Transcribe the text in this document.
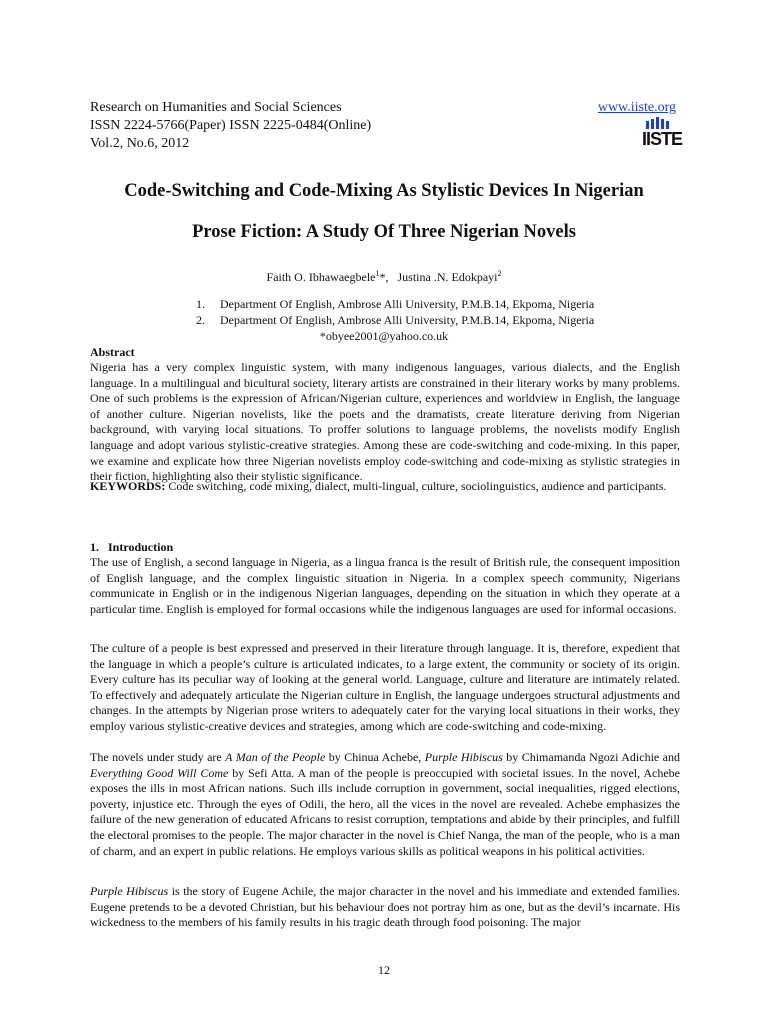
Research on Humanities and Social Sciences
ISSN 2224-5766(Paper) ISSN 2225-0484(Online)
Vol.2, No.6, 2012
www.iiste.org
IISTE
Code-Switching and Code-Mixing As Stylistic Devices In Nigerian
Prose Fiction: A Study Of Three Nigerian Novels
Faith O. Ibhawaegbele$^1$*, Justina .N. Edokpayi$^2$
1. Department Of English, Ambrose Alli University, P.M.B.14, Ekpoma, Nigeria
2. Department Of English, Ambrose Alli University, P.M.B.14, Ekpoma, Nigeria
*obyee2001@yahoo.co.uk
Abstract
Nigeria has a very complex linguistic system, with many indigenous languages, various dialects, and the English language. In a multilingual and bicultural society, literary artists are constrained in their literary works by many problems. One of such problems is the expression of African/Nigerian culture, experiences and worldview in English, the language of another culture. Nigerian novelists, like the poets and the dramatists, create literature deriving from Nigerian background, with varying local situations. To proffer solutions to language problems, the novelists modify English language and adopt various stylistic-creative strategies. Among these are code-switching and code-mixing. In this paper, we examine and explicate how three Nigerian novelists employ code-switching and code-mixing as stylistic strategies in their fiction, highlighting also their stylistic significance.
KEYWORDS: Code switching, code mixing, dialect, multi-lingual, culture, sociolinguistics, audience and participants.
1. Introduction
The use of English, a second language in Nigeria, as a lingua franca is the result of British rule, the consequent imposition of English language, and the complex linguistic situation in Nigeria. In a complex speech community, Nigerians communicate in English or in the indigenous Nigerian languages, depending on the situation in which they operate at a particular time. English is employed for formal occasions while the indigenous languages are used for informal occasions.
The culture of a people is best expressed and preserved in their literature through language. It is, therefore, expedient that the language in which a people’s culture is articulated indicates, to a large extent, the community or society of its origin. Every culture has its peculiar way of looking at the general world. Language, culture and literature are intimately related. To effectively and adequately articulate the Nigerian culture in English, the language undergoes structural adjustments and changes. In the attempts by Nigerian prose writers to adequately cater for the varying local situations in their works, they employ various stylistic-creative devices and strategies, among which are code-switching and code-mixing.
The novels under study are A Man of the People by Chinua Achebe, Purple Hibiscus by Chimamanda Ngozi Adichie and Everything Good Will Come by Sefi Atta. A man of the people is preoccupied with societal issues. In the novel, Achebe exposes the ills in most African nations. Such ills include corruption in government, social inequalities, rigged elections, poverty, injustice etc. Through the eyes of Odili, the hero, all the vices in the novel are revealed. Achebe emphasizes the failure of the new generation of educated Africans to resist corruption, temptations and abide by their principles, and fulfill the electoral promises to the people. The major character in the novel is Chief Nanga, the man of the people, who is a man of charm, and an expert in public relations. He employs various skills as political weapons in his political activities.
Purple Hibiscus is the story of Eugene Achile, the major character in the novel and his immediate and extended families. Eugene pretends to be a devoted Christian, but his behaviour does not portray him as one, but as the devil’s incarnate. His wickedness to the members of his family results in his tragic death through food poisoning. The major
12
